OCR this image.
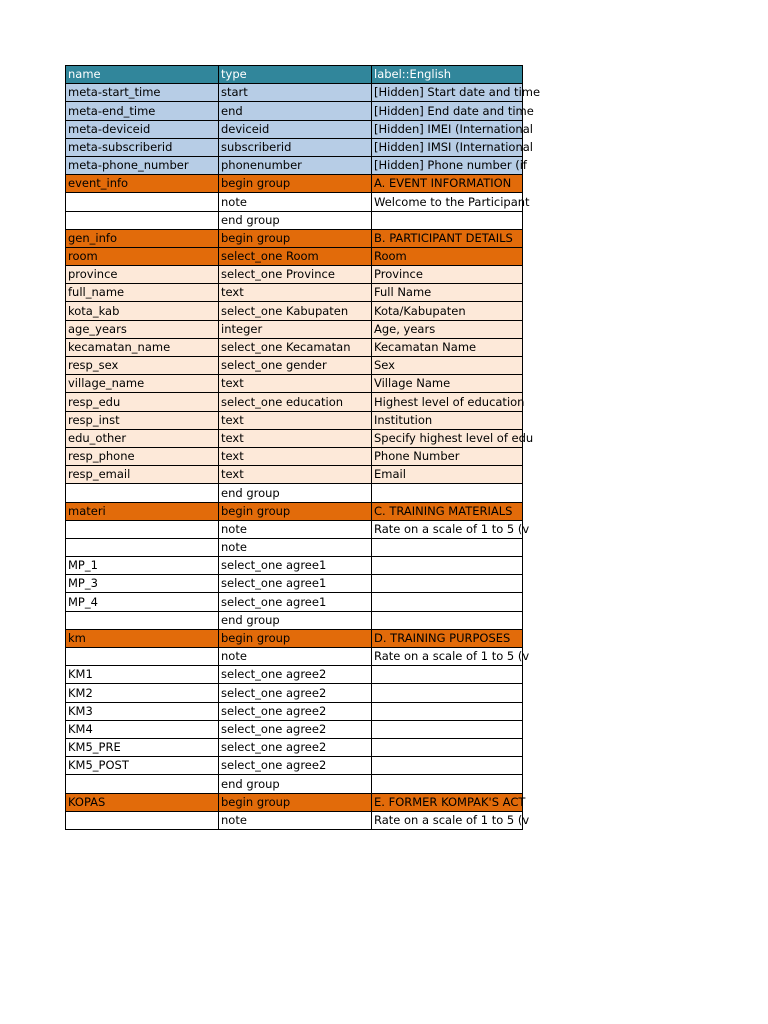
name	type	label::English
meta-start_time	start	[Hidden] Start date and time
meta-end_time	end	[Hidden] End date and time
meta-deviceid	deviceid	[Hidden] IMEI (International
meta-subscriberid	subscriberid	[Hidden] IMSI (International
meta-phone_number	phonenumber	[Hidden] Phone number (if
event_info	begin group	A. EVENT INFORMATION
	note	Welcome to the Participant
	end group	
gen_info	begin group	B. PARTICIPANT DETAILS
room	select_one Room	Room
province	select_one Province	Province
full_name	text	Full Name
kota_kab	select_one Kabupaten	Kota/Kabupaten
age_years	integer	Age, years
kecamatan_name	select_one Kecamatan	Kecamatan Name
resp_sex	select_one gender	Sex
village_name	text	Village Name
resp_edu	select_one education	Highest level of education
resp_inst	text	Institution
edu_other	text	Specify highest level of edu
resp_phone	text	Phone Number
resp_email	text	Email
	end group	
materi	begin group	C. TRAINING MATERIALS
	note	Rate on a scale of 1 to 5 (v
	note	
MP_1	select_one agree1	
MP_3	select_one agree1	
MP_4	select_one agree1	
	end group	
km	begin group	D. TRAINING PURPOSES
	note	Rate on a scale of 1 to 5 (v
KM1	select_one agree2	
KM2	select_one agree2	
KM3	select_one agree2	
KM4	select_one agree2	
KM5_PRE	select_one agree2	
KM5_POST	select_one agree2	
	end group	
KOPAS	begin group	E. FORMER KOMPAK'S ACT
	note	Rate on a scale of 1 to 5 (v
